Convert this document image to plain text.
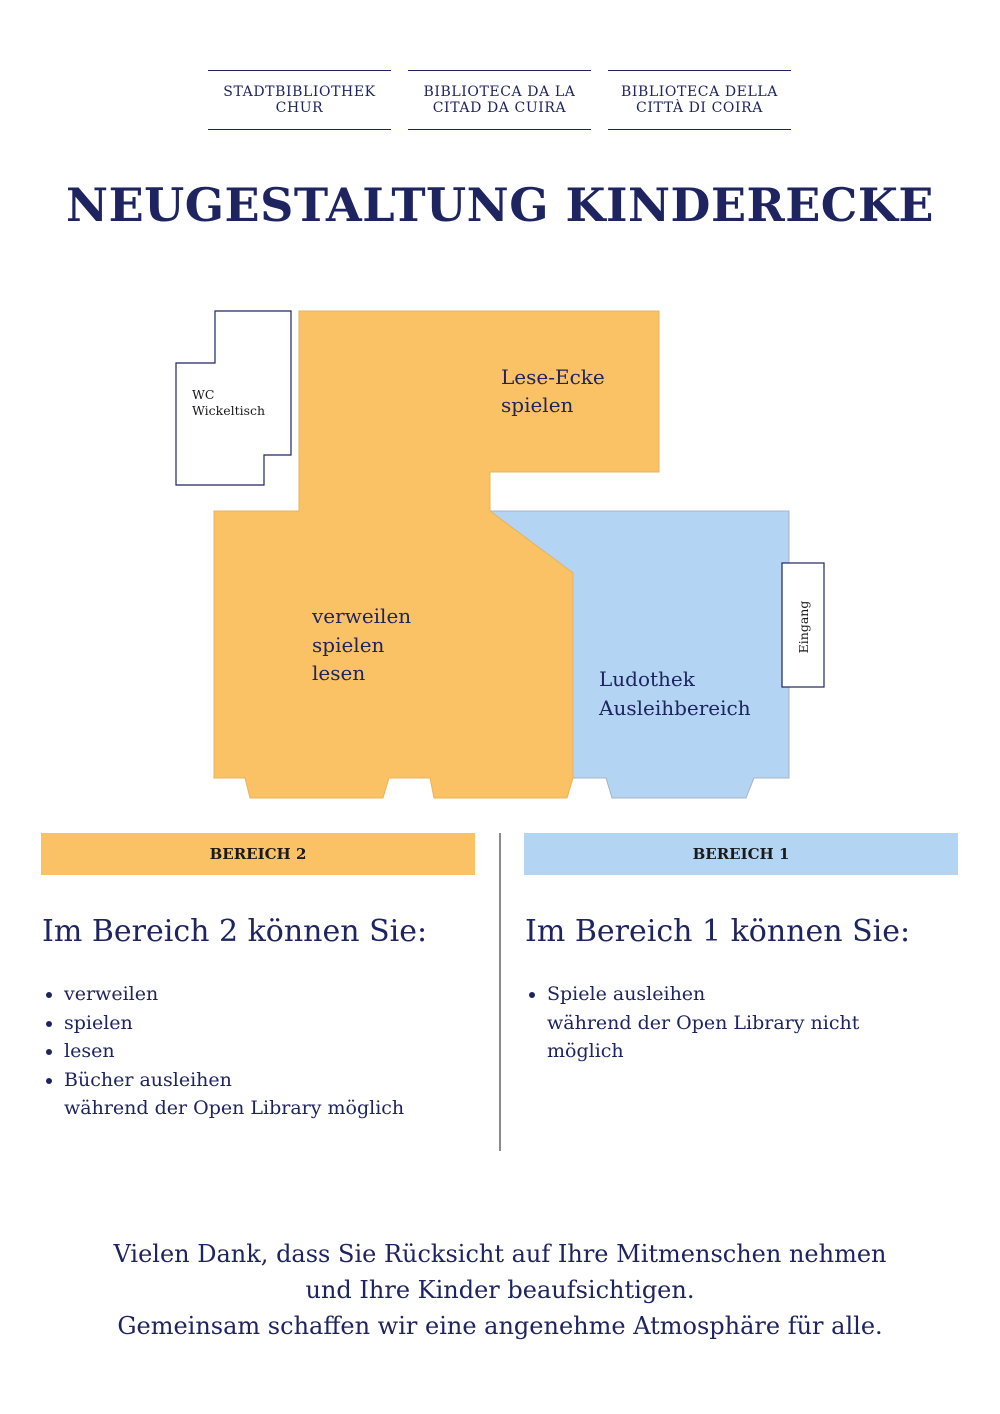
STADTBIBLIOTHEK
CHUR
BIBLIOTECA DA LA
CITAD DA CUIRA
BIBLIOTECA DELLA
CITTÀ DI COIRA
NEUGESTALTUNG KINDERECKE
WC
Wickeltisch
Eingang
Lese-Ecke
spielen
verweilen
spielen
lesen	Ludothek
Ausleihbereich
BEREICH 2	BEREICH 1
Im Bereich 2 können Sie:
• verweilen
• spielen
• lesen
• Bücher ausleihen
während der Open Library möglich
Im Bereich 1 können Sie:
• Spiele ausleihen
während der Open Library nicht
möglich
Vielen Dank, dass Sie Rücksicht auf Ihre Mitmenschen nehmen
und Ihre Kinder beaufsichtigen.
Gemeinsam schaffen wir eine angenehme Atmosphäre für alle.
